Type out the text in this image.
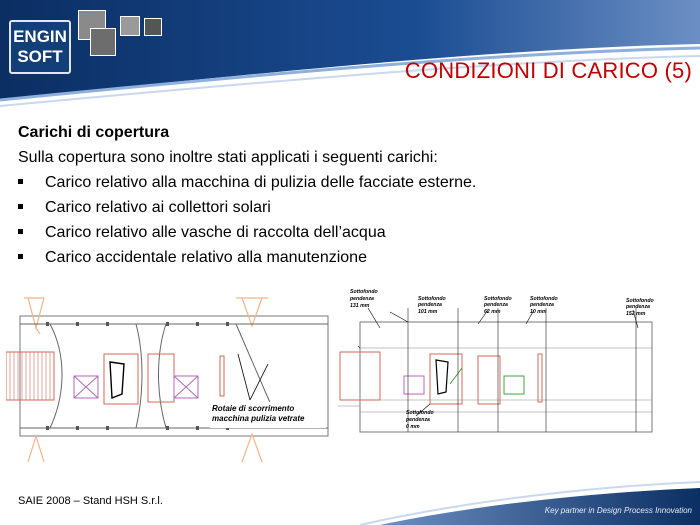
ENGIN
SOFT
CONDIZIONI DI CARICO (5)
Carichi di copertura
Sulla copertura sono inoltre stati applicati i seguenti carichi:
Carico relativo alla macchina di pulizia delle facciate esterne.
Carico relativo ai collettori solari
Carico relativo alle vasche di raccolta dell’acqua
Carico accidentale relativo alla manutenzione
Rotaie di scorrimento
macchina pulizia vetrate
Sottofondo
pendenza
131 mm
Sottofondo
pendenza
101 mm
Sottofondo
pendenza
62 mm
Sottofondo
pendenza
10 mm
Sottofondo
pendenza
152 mm
Sottofondo
pendenza
0 mm
SAIE 2008 – Stand HSH S.r.l.
Key partner in Design Process Innovation
